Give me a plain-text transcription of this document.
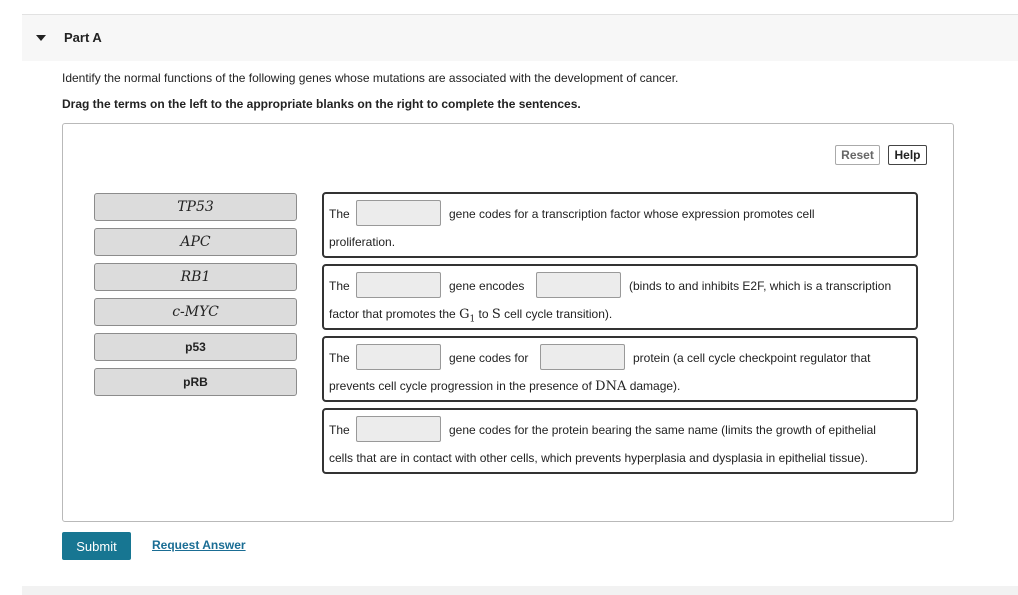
Part A
Identify the normal functions of the following genes whose mutations are associated with the development of cancer.
Drag the terms on the left to the appropriate blanks on the right to complete the sentences.
Reset	Help
TP53
APC
RB1
c-MYC
p53
pRB
The	gene codes for a transcription factor whose expression promotes cell
proliferation.
The	gene encodes	(binds to and inhibits E2F, which is a transcription
factor that promotes the $G_1$ to S cell cycle transition).
The	gene codes for	protein (a cell cycle checkpoint regulator that
prevents cell cycle progression in the presence of DNA damage).
The	gene codes for the protein bearing the same name (limits the growth of epithelial
cells that are in contact with other cells, which prevents hyperplasia and dysplasia in epithelial tissue).
Submit	Request Answer
